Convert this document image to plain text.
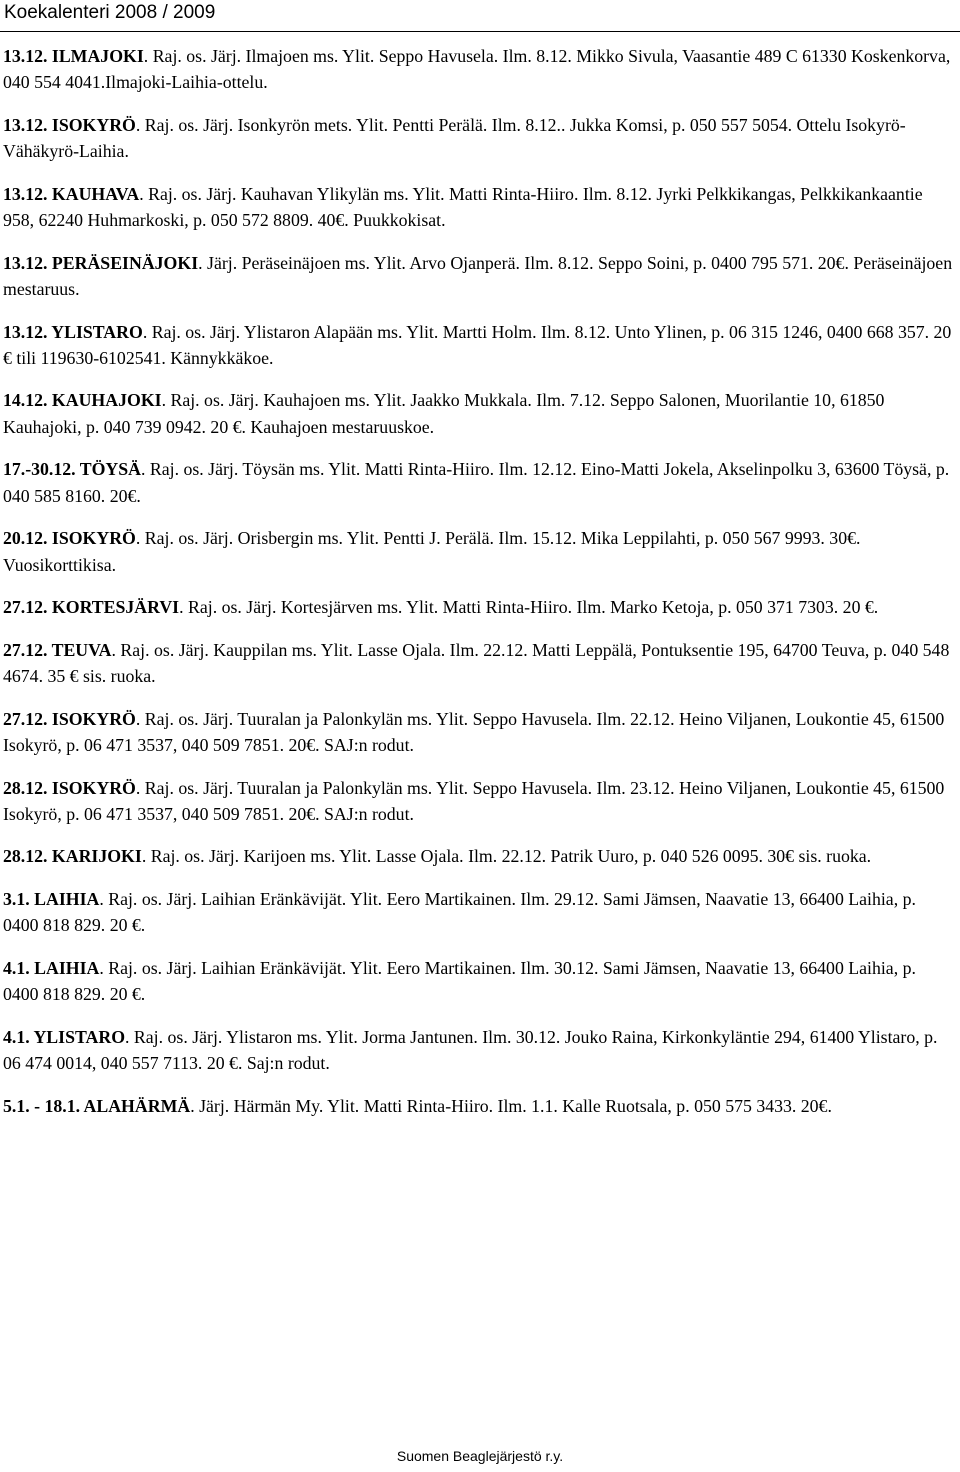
Koekalenteri 2008 / 2009

13.12. ILMAJOKI. Raj. os. Järj. Ilmajoen ms. Ylit. Seppo Havusela. Ilm. 8.12. Mikko Sivula, Vaasantie 489 C 61330 Koskenkorva, 040 554 4041.Ilmajoki-Laihia-ottelu.

13.12. ISOKYRÖ. Raj. os. Järj. Isonkyrön mets. Ylit. Pentti Perälä. Ilm. 8.12.. Jukka Komsi, p. 050 557 5054. Ottelu Isokyrö-Vähäkyrö-Laihia.

13.12. KAUHAVA. Raj. os. Järj. Kauhavan Ylikylän ms. Ylit. Matti Rinta-Hiiro. Ilm. 8.12. Jyrki Pelkkikangas, Pelkkikankaantie 958, 62240 Huhmarkoski, p. 050 572 8809. 40€. Puukkokisat.

13.12. PERÄSEINÄJOKI. Järj. Peräseinäjoen ms. Ylit. Arvo Ojanperä. Ilm. 8.12. Seppo Soini, p. 0400 795 571. 20€. Peräseinäjoen mestaruus.

13.12. YLISTARO. Raj. os. Järj. Ylistaron Alapään ms. Ylit. Martti Holm. Ilm. 8.12. Unto Ylinen, p. 06 315 1246, 0400 668 357. 20 € tili 119630-6102541. Kännykkäkoe.

14.12. KAUHAJOKI. Raj. os. Järj. Kauhajoen ms. Ylit. Jaakko Mukkala. Ilm. 7.12. Seppo Salonen, Muorilantie 10, 61850 Kauhajoki, p. 040 739 0942. 20 €. Kauhajoen mestaruuskoe.

17.-30.12. TÖYSÄ. Raj. os. Järj. Töysän ms. Ylit. Matti Rinta-Hiiro. Ilm. 12.12. Eino-Matti Jokela, Akselinpolku 3, 63600 Töysä, p. 040 585 8160. 20€.

20.12. ISOKYRÖ. Raj. os. Järj. Orisbergin ms. Ylit. Pentti J. Perälä. Ilm. 15.12. Mika Leppilahti, p. 050 567 9993. 30€. Vuosikorttikisa.

27.12. KORTESJÄRVI. Raj. os. Järj. Kortesjärven ms. Ylit. Matti Rinta-Hiiro. Ilm. Marko Ketoja, p. 050 371 7303. 20 €.

27.12. TEUVA. Raj. os. Järj. Kauppilan ms. Ylit. Lasse Ojala. Ilm. 22.12. Matti Leppälä, Pontuksentie 195, 64700 Teuva, p. 040 548 4674. 35 € sis. ruoka.

27.12. ISOKYRÖ. Raj. os. Järj. Tuuralan ja Palonkylän ms. Ylit. Seppo Havusela. Ilm. 22.12. Heino Viljanen, Loukontie 45, 61500 Isokyrö, p. 06 471 3537, 040 509 7851. 20€. SAJ:n rodut.

28.12. ISOKYRÖ. Raj. os. Järj. Tuuralan ja Palonkylän ms. Ylit. Seppo Havusela. Ilm. 23.12. Heino Viljanen, Loukontie 45, 61500 Isokyrö, p. 06 471 3537, 040 509 7851. 20€. SAJ:n rodut.

28.12. KARIJOKI. Raj. os. Järj. Karijoen ms. Ylit. Lasse Ojala. Ilm. 22.12. Patrik Uuro, p. 040 526 0095. 30€ sis. ruoka.

3.1. LAIHIA. Raj. os. Järj. Laihian Eränkävijät. Ylit. Eero Martikainen. Ilm. 29.12. Sami Jämsen, Naavatie 13, 66400 Laihia, p. 0400 818 829. 20 €.

4.1. LAIHIA. Raj. os. Järj. Laihian Eränkävijät. Ylit. Eero Martikainen. Ilm. 30.12. Sami Jämsen, Naavatie 13, 66400 Laihia, p. 0400 818 829. 20 €.

4.1. YLISTARO. Raj. os. Järj. Ylistaron ms. Ylit. Jorma Jantunen. Ilm. 30.12. Jouko Raina, Kirkonkyläntie 294, 61400 Ylistaro, p. 06 474 0014, 040 557 7113. 20 €. Saj:n rodut.

5.1. - 18.1. ALAHÄRMÄ. Järj. Härmän My. Ylit. Matti Rinta-Hiiro. Ilm. 1.1. Kalle Ruotsala, p. 050 575 3433. 20€.

Suomen Beaglejärjestö r.y.
